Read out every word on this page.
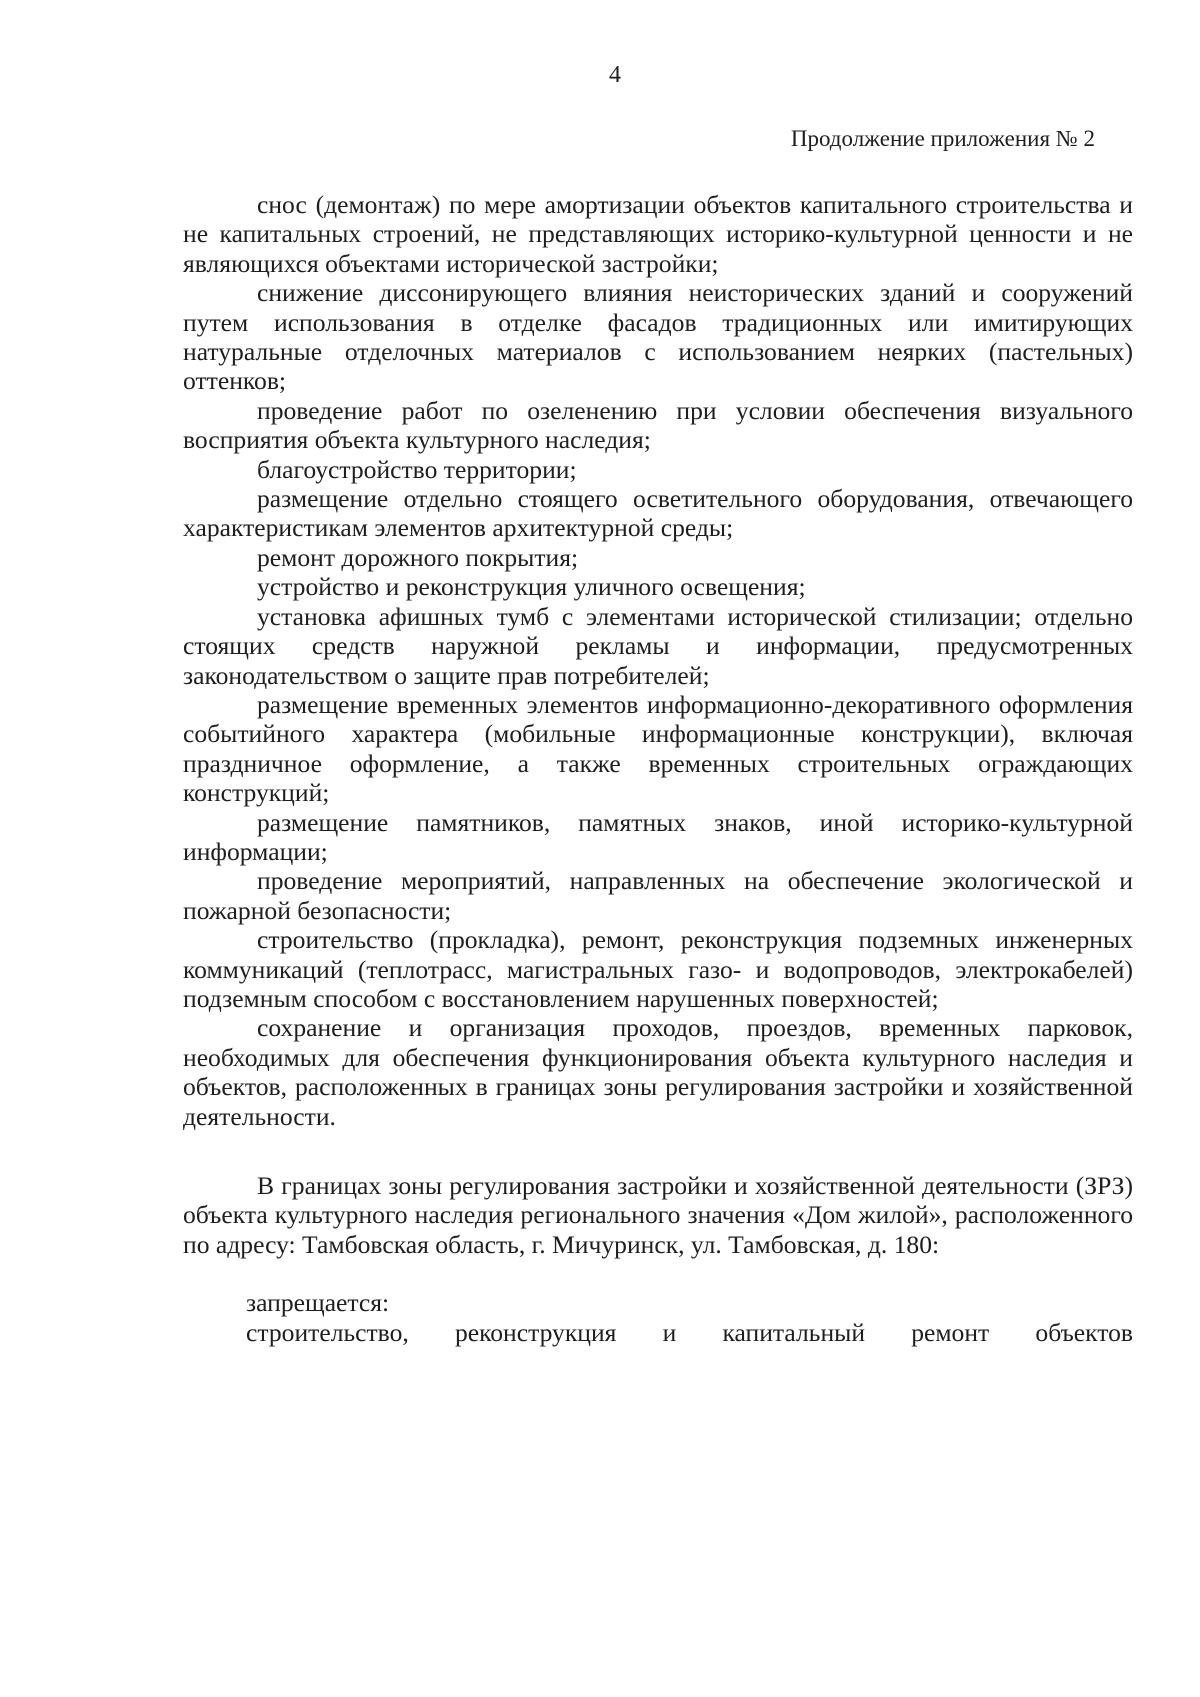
4
Продолжение приложения № 2

снос (демонтаж) по мере амортизации объектов капитального строительства и не капитальных строений, не представляющих историко-культурной ценности и не являющихся объектами исторической застройки;

снижение диссонирующего влияния неисторических зданий и сооружений путем использования в отделке фасадов традиционных или имитирующих натуральные отделочных материалов с использованием неярких (пастельных) оттенков;

проведение работ по озеленению при условии обеспечения визуального восприятия объекта культурного наследия;

благоустройство территории;

размещение отдельно стоящего осветительного оборудования, отвечающего характеристикам элементов архитектурной среды;

ремонт дорожного покрытия;

устройство и реконструкция уличного освещения;

установка афишных тумб с элементами исторической стилизации; отдельно стоящих средств наружной рекламы и информации, предусмотренных законодательством о защите прав потребителей;

размещение временных элементов информационно-декоративного оформления событийного характера (мобильные информационные конструкции), включая праздничное оформление, а также временных строительных ограждающих конструкций;

размещение памятников, памятных знаков, иной историко-культурной информации;

проведение мероприятий, направленных на обеспечение экологической и пожарной безопасности;

строительство (прокладка), ремонт, реконструкция подземных инженерных коммуникаций (теплотрасс, магистральных газо- и водопроводов, электрокабелей) подземным способом с восстановлением нарушенных поверхностей;

сохранение и организация проходов, проездов, временных парковок, необходимых для обеспечения функционирования объекта культурного наследия и объектов, расположенных в границах зоны регулирования застройки и хозяйственной деятельности.

В границах зоны регулирования застройки и хозяйственной деятельности (ЗРЗ) объекта культурного наследия регионального значения «Дом жилой», расположенного по адресу: Тамбовская область, г. Мичуринск, ул. Тамбовская, д. 180:

запрещается:

строительство, реконструкция и капитальный ремонт объектов
